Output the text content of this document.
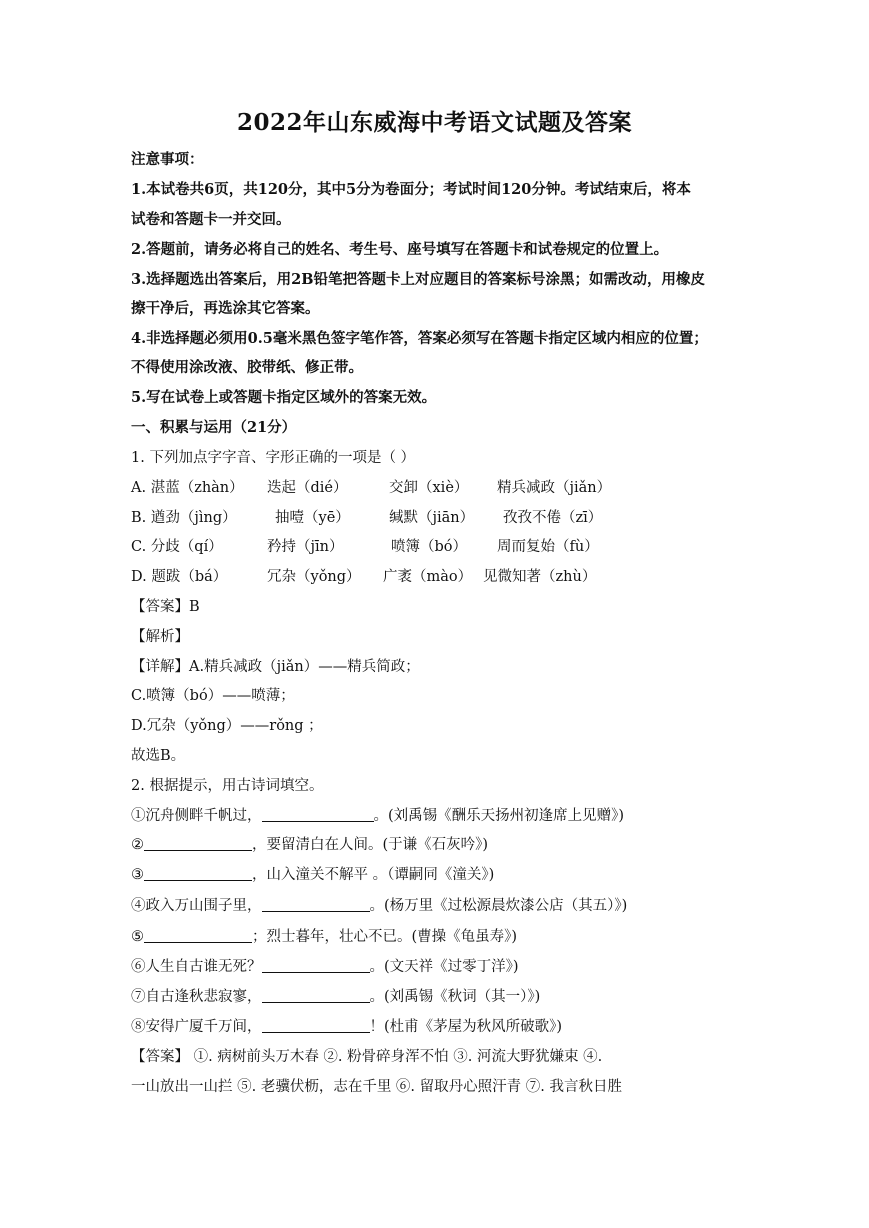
2022年山东威海中考语文试题及答案
注意事项：
1.本试卷共6页，共120分，其中5分为卷面分；考试时间120分钟。考试结束后，将本
试卷和答题卡一并交回。
2.答题前，请务必将自己的姓名、考生号、座号填写在答题卡和试卷规定的位置上。
3.选择题选出答案后，用2B铅笔把答题卡上对应题目的答案标号涂黑；如需改动，用橡皮
擦干净后，再选涂其它答案。
4.非选择题必须用0.5毫米黑色签字笔作答，答案必须写在答题卡指定区域内相应的位置；
不得使用涂改液、胶带纸、修正带。
5.写在试卷上或答题卡指定区域外的答案无效。
一、积累与运用（21分）
1. 下列加点字字音、字形正确的一项是（ ）
A. 湛蓝（zhàn） 迭起（dié）	交卸（xiè） 精兵减政（jiǎn）
B. 遒劲（jìng）	抽噎（yē）	缄默（jiān） 孜孜不倦（zī）
C. 分歧（qí）	矜持（jīn）	喷簿（bó） 周而复始（fù）
D. 题跋（bá）	冗杂（yǒng） 广袤（mào） 见微知著（zhù）
【答案】B
【解析】
【详解】A.精兵减政（jiǎn）——精兵简政；
C.喷簿（bó）——喷薄；
D.冗杂（yǒng）——rǒng ；
故选B。
2. 根据提示，用古诗词填空。
①沉舟侧畔千帆过，	。(刘禹锡《酬乐天扬州初逢席上见赠》)
②	，要留清白在人间。(于谦《石灰吟》)
③	，山入潼关不解平 。（谭嗣同《潼关》)
④政入万山围子里，	。(杨万里《过松源晨炊漆公店（其五）》)
⑤	；烈士暮年，壮心不已。(曹操《龟虽寿》)
⑥人生自古谁无死？	。(文天祥《过零丁洋》)
⑦自古逢秋悲寂寥，	。(刘禹锡《秋词（其一）》)
⑧安得广厦千万间，	！(杜甫《茅屋为秋风所破歌》)
【答案】 ①. 病树前头万木春 ②. 粉骨碎身浑不怕 ③. 河流大野犹嫌束 ④.
一山放出一山拦 ⑤. 老骥伏枥，志在千里 ⑥. 留取丹心照汗青 ⑦. 我言秋日胜
